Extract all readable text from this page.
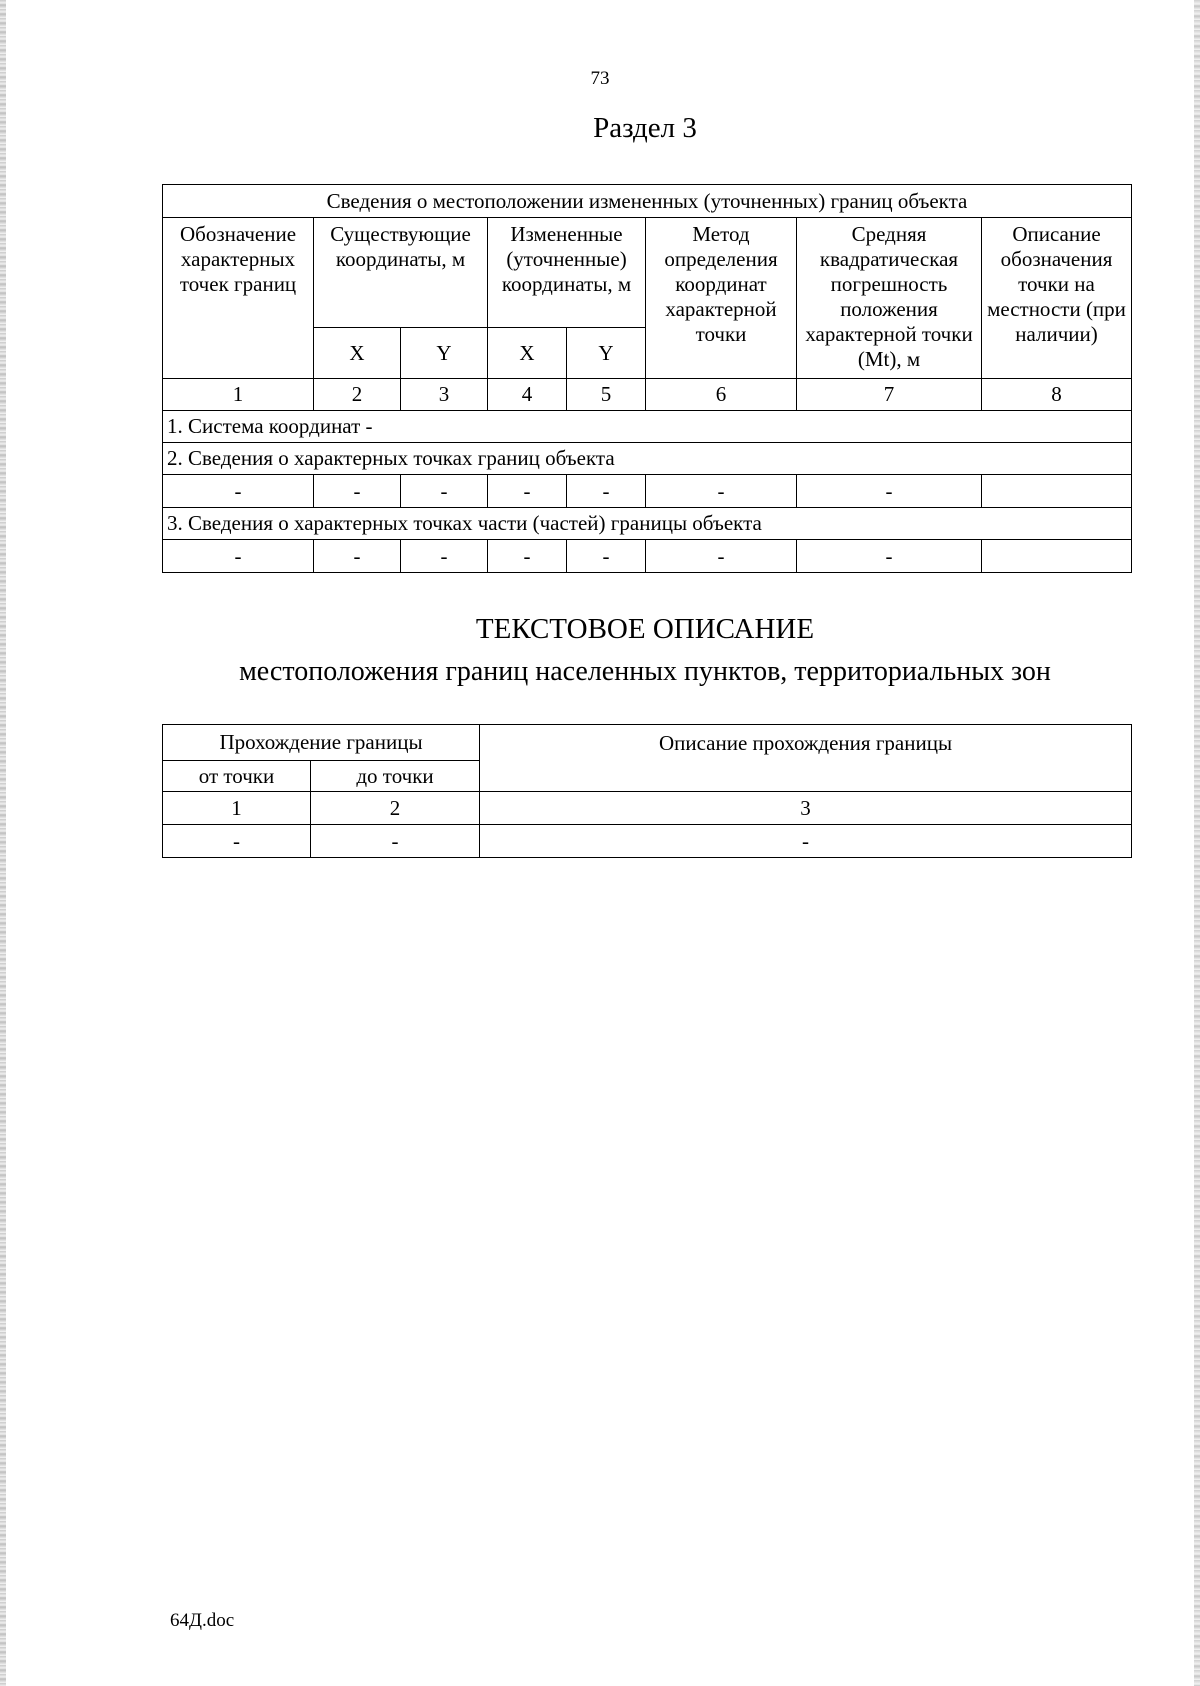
73
Раздел 3
Сведения о местоположении измененных (уточненных) границ объекта							
Обозначение характерных точек границ	Существующие координаты, м		Измененные (уточненные) координаты, м		Метод определения координат характерной точки	Средняя квадратическая погрешность положения характерной точки (Mt), м	Описание обозначения точки на местности (при наличии)
	X	Y	X	Y			
1	2	3	4	5	6	7	8
1. Система координат -							
2. Сведения о характерных точках границ объекта							
-	-	-	-	-	-	-	
3. Сведения о характерных точках части (частей) границы объекта							
-	-	-	-	-	-	-	
ТЕКСТОВОЕ ОПИСАНИЕ
местоположения границ населенных пунктов, территориальных зон
Прохождение границы		Описание прохождения границы
от точки	до точки	
1	2	3
-	-	-
64Д.doc
